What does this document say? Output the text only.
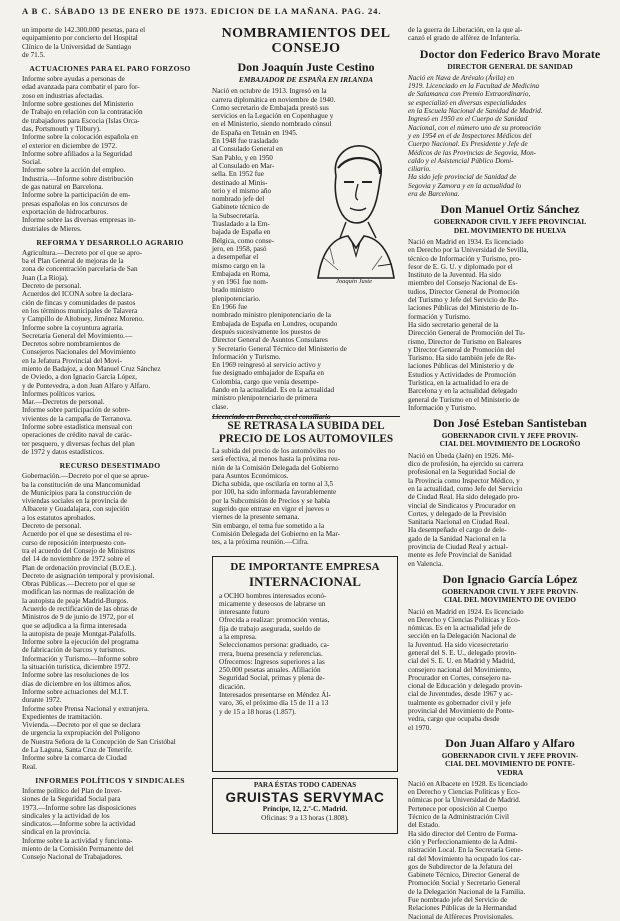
A B C. SÁBADO 13 DE ENERO DE 1973. EDICION DE LA MAÑANA. PAG. 24.
un importe de 142.300.000 pesetas, para el
equipamiento por concierto del Hospital
Clínico de la Universidad de Santiago
de 71.5.
ACTUACIONES PARA EL PARO FORZOSO
Informe sobre ayudas a personas de
edad avanzada para combatir el paro for-
zoso en industrias afectadas.
Informe sobre gestiones del Ministerio
de Trabajo en relación con la contratación
de trabajadores para Escocia (Islas Orca-
das, Portsmouth y Tilbury).
Informe sobre la colocación española en
el exterior en diciembre de 1972.
Informe sobre afiliados a la Seguridad
Social.
Informe sobre la acción del empleo.
Industria.—Informe sobre distribución
de gas natural en Barcelona.
Informe sobre la participación de em-
presas españolas en los concursos de
exportación de hidrocarburos.
Informe sobre las diversas empresas in-
dustriales de Mieres.
REFORMA Y DESARROLLO AGRARIO
Agricultura.—Decreto por el que se apro-
ba el Plan General de mejoras de la
zona de concentración parcelaria de San
Juan (La Rioja).
Decreto de personal.
Acuerdos del ICONA sobre la declara-
ción de fincas y comunidades de pastos
en los términos municipales de Talavera
y Campillo de Altobuey, Jiménez Moreno.
Informe sobre la coyuntura agraria.
Secretaría General del Movimiento.—
Decretos sobre nombramientos de
Consejeros Nacionales del Movimiento
en la Jefatura Provincial del Movi-
miento de Badajoz, a don Manuel Cruz Sánchez
de Oviedo, a don Ignacio García López,
y de Pontevedra, a don Juan Alfaro y Alfaro.
Informes políticos varios.
Mar.—Decretos de personal.
Informe sobre participación de sobre-
vivientes de la campaña de Terranova.
Informe sobre estadística mensual con
operaciones de crédito naval de carác-
ter pesquero, y diversas fechas del plan
de 1972 y datos estadísticos.
RECURSO DESESTIMADO
Gobernación.—Decreto por el que se aprue-
ba la constitución de una Mancomunidad
de Municipios para la construcción de
viviendas sociales en la provincia de
Albacete y Guadalajara, con sujeción
a los estatutos aprobados.
Decreto de personal.
Acuerdo por el que se desestima el re-
curso de reposición interpuesto con-
tra el acuerdo del Consejo de Ministros
del 14 de noviembre de 1972 sobre el
Plan de ordenación provincial (B.O.E.).
Decreto de asignación temporal y provisional.
Obras Públicas.—Decreto por el que se
modifican las normas de realización de
la autopista de peaje Madrid-Burgos.
Acuerdo de rectificación de las obras de
Ministros de 9 de junio de 1972, por el
que se adjudica a la firma interesada
la autopista de peaje Montgat-Palafolls.
Informe sobre la ejecución del programa
de fabricación de barcos y turismos.
Información y Turismo.—Informe sobre
la situación turística, diciembre 1972.
Informe sobre las resoluciones de los
días de diciembre en los últimos años.
Informe sobre actuaciones del M.I.T.
durante 1972.
Informe sobre Prensa Nacional y extranjera.
Expedientes de tramitación.
Vivienda.—Decreto por el que se declara
de urgencia la expropiación del Polígono
de Nuestra Señora de la Concepción de San Cristóbal
de La Laguna, Santa Cruz de Tenerife.
Informe sobre la comarca de Ciudad
Real.
INFORMES POLÍTICOS Y SINDICALES
Informe político del Plan de Inver-
siones de la Seguridad Social para
1973.—Informe sobre las disposiciones
sindicales y la actividad de los
sindicatos.—Informe sobre la actividad
sindical en la provincia.
Informe sobre la actividad y funciona-
miento de la Comisión Permanente del
Consejo Nacional de Trabajadores.
NOMBRAMIENTOS DEL
CONSEJO
Don Joaquín Juste Cestino
EMBAJADOR DE ESPAÑA EN IRLANDA
Nació en octubre de 1913. Ingresó en la
carrera diplomática en noviembre de 1940.
Como secretario de Embajada prestó sus
servicios en la Legación en Copenhague y
en el Ministerio, siendo nombrado cónsul
de España en Tetuán en 1945.
Joaquín Juste
En 1948 fue trasladado
al Consulado General en
San Pablo, y en 1950
al Consulado en Mar-
sella. En 1952 fue
destinado al Minis-
terio y el mismo año
nombrado jefe del
Gabinete técnico de
la Subsecretaría.
Trasladado a la Em-
bajada de España en
Bélgica, como conse-
jero, en 1958, pasó
a desempeñar el
mismo cargo en la
Embajada en Roma,
y en 1961 fue nom-
brado ministro
plenipotenciario.
En 1966 fue
nombrado ministro plenipotenciario de la
Embajada de España en Londres, ocupando
después sucesivamente los puestos de
Director General de Asuntos Consulares
y Secretario General Técnico del Ministerio de
Información y Turismo.
En 1969 reingresó al servicio activo y
fue designado embajador de España en
Colombia, cargo que venía desempe-
ñando en la actualidad. Es en la actualidad
ministro plenipotenciario de primera
clase.
Licenciado en Derecho, es el consiliario
SE RETRASA LA SUBIDA DEL
PRECIO DE LOS AUTOMOVILES
La subida del precio de los automóviles no
será efectiva, al menos hasta la próxima reu-
nión de la Comisión Delegada del Gobierno
para Asuntos Económicos.
Dicha subida, que oscilaría en torno al 3,5
por 100, ha sido informada favorablemente
por la Subcomisión de Precios y se había
sugerido que entrase en vigor el jueves o
viernes de la presente semana.
Sin embargo, el tema fue sometido a la
Comisión Delegada del Gobierno en la Mar-
tes, a la próxima reunión.—Cifra.
DE IMPORTANTE EMPRESA
INTERNACIONAL
a OCHO hombres interesados econó-
micamente y deseosos de labrarse un
interesante futuro
Ofrecida a realizar: promoción ventas,
fija de trabajo asegurada, sueldo de
a la empresa.
Seleccionamos persona: graduado, ca-
rrera, buena presencia y referencias.
Ofrecemos: Ingresos superiores a las
250.000 pesetas anuales. Afiliación
Seguridad Social, primas y plena de-
dicación.
Interesados presentarse en Méndez Ál-
varo, 36, el próximo día 15 de 11 a 13
y de 15 a 18 horas (1.857).
PARA ÉSTAS TODO CADENAS
GRUISTAS SERVYMAC
Príncipe, 12, 2.º-C. Madrid.
Oficinas: 9 a 13 horas (1.808).
de la guerra de Liberación, en la que al-
canzó el grado de alférez de Infantería.
Doctor don Federico Bravo Morate
DIRECTOR GENERAL DE SANIDAD
Nació en Nava de Arévalo (Ávila) en
1919. Licenciado en la Facultad de Medicina
de Salamanca con Premio Extraordinario,
se especializó en diversas especialidades
en la Escuela Nacional de Sanidad de Madrid.
Ingresó en 1950 en el Cuerpo de Sanidad
Nacional, con el número uno de su promoción
y en 1954 en el de Inspectores Médicos del
Cuerpo Nacional. Es Presidente y Jefe de
Médicos de las Provincias de Segovia, Mon-
caldo y el Asistencial Público Domi-
ciliario.
Ha sido jefe provincial de Sanidad de
Segovia y Zamora y en la actualidad lo
era de Barcelona.
Don Manuel Ortiz Sánchez
GOBERNADOR CIVIL Y JEFE PROVINCIAL
DEL MOVIMIENTO DE HUELVA
Nació en Madrid en 1934. Es licenciado
en Derecho por la Universidad de Sevilla,
técnico de Información y Turismo, pro-
fesor de E. G. U. y diplomado por el
Instituto de la Juventud. Ha sido
miembro del Consejo Nacional de Es-
tudios, Director General de Promoción
del Turismo y Jefe del Servicio de Re-
laciones Públicas del Ministerio de In-
formación y Turismo.
Ha sido secretario general de la
Dirección General de Promoción del Tu-
rismo, Director de Turismo en Baleares
y Director General de Promoción del
Turismo. Ha sido también jefe de Re-
laciones Públicas del Ministerio y de
Estudios y Actividades de Promoción
Turística, en la actualidad lo era de
Barcelona y en la actualidad delegado
general de Turismo en el Ministerio de
Información y Turismo.
Don José Esteban Santisteban
GOBERNADOR CIVIL Y JEFE PROVIN-
CIAL DEL MOVIMIENTO DE LOGROÑO
Nació en Úbeda (Jaén) en 1926. Mé-
dico de profesión, ha ejercido su carrera
profesional en la Seguridad Social de
la Provincia como Inspector Médico, y
en la actualidad, como Jefe del Servicio
de Ciudad Real. Ha sido delegado pro-
vincial de Sindicatos y Procurador en
Cortes, y delegado de la Previsión
Sanitaria Nacional en Ciudad Real.
Ha desempeñado el cargo de dele-
gado de la Sanidad Nacional en la
provincia de Ciudad Real y actual-
mente es Jefe Provincial de Sanidad
en Valencia.
Don Ignacio García López
GOBERNADOR CIVIL Y JEFE PROVIN-
CIAL DEL MOVIMIENTO DE OVIEDO
Nació en Madrid en 1924. Es licenciado
en Derecho y Ciencias Políticas y Eco-
nómicas. Es en la actualidad jefe de
sección en la Delegación Nacional de
la Juventud. Ha sido vicesecretario
general del S. E. U., delegado provin-
cial del S. E. U. en Madrid y Madrid,
consejero nacional del Movimiento,
Procurador en Cortes, consejero na-
cional de Educación y delegado provin-
cial de Juventudes, desde 1967 y ac-
tualmente es gobernador civil y jefe
provincial del Movimiento de Ponte-
vedra, cargo que ocupaba desde
el 1970.
Don Juan Alfaro y Alfaro
GOBERNADOR CIVIL Y JEFE PROVIN-
CIAL DEL MOVIMIENTO DE PONTE-
VEDRA
Nació en Albacete en 1928. Es licenciado
en Derecho y Ciencias Políticas y Eco-
nómicas por la Universidad de Madrid.
Pertenece por oposición al Cuerpo
Técnico de la Administración Civil
del Estado.
Ha sido director del Centro de Forma-
ción y Perfeccionamiento de la Admi-
nistración Local. En la Secretaría Gene-
ral del Movimiento ha ocupado los car-
gos de Subdirector de la Jefatura del
Gabinete Técnico, Director General de
Promoción Social y Secretario General
de la Delegación Nacional de la Familia.
Fue nombrado jefe del Servicio de
Relaciones Públicas de la Hermandad
Nacional de Alféreces Provisionales.
